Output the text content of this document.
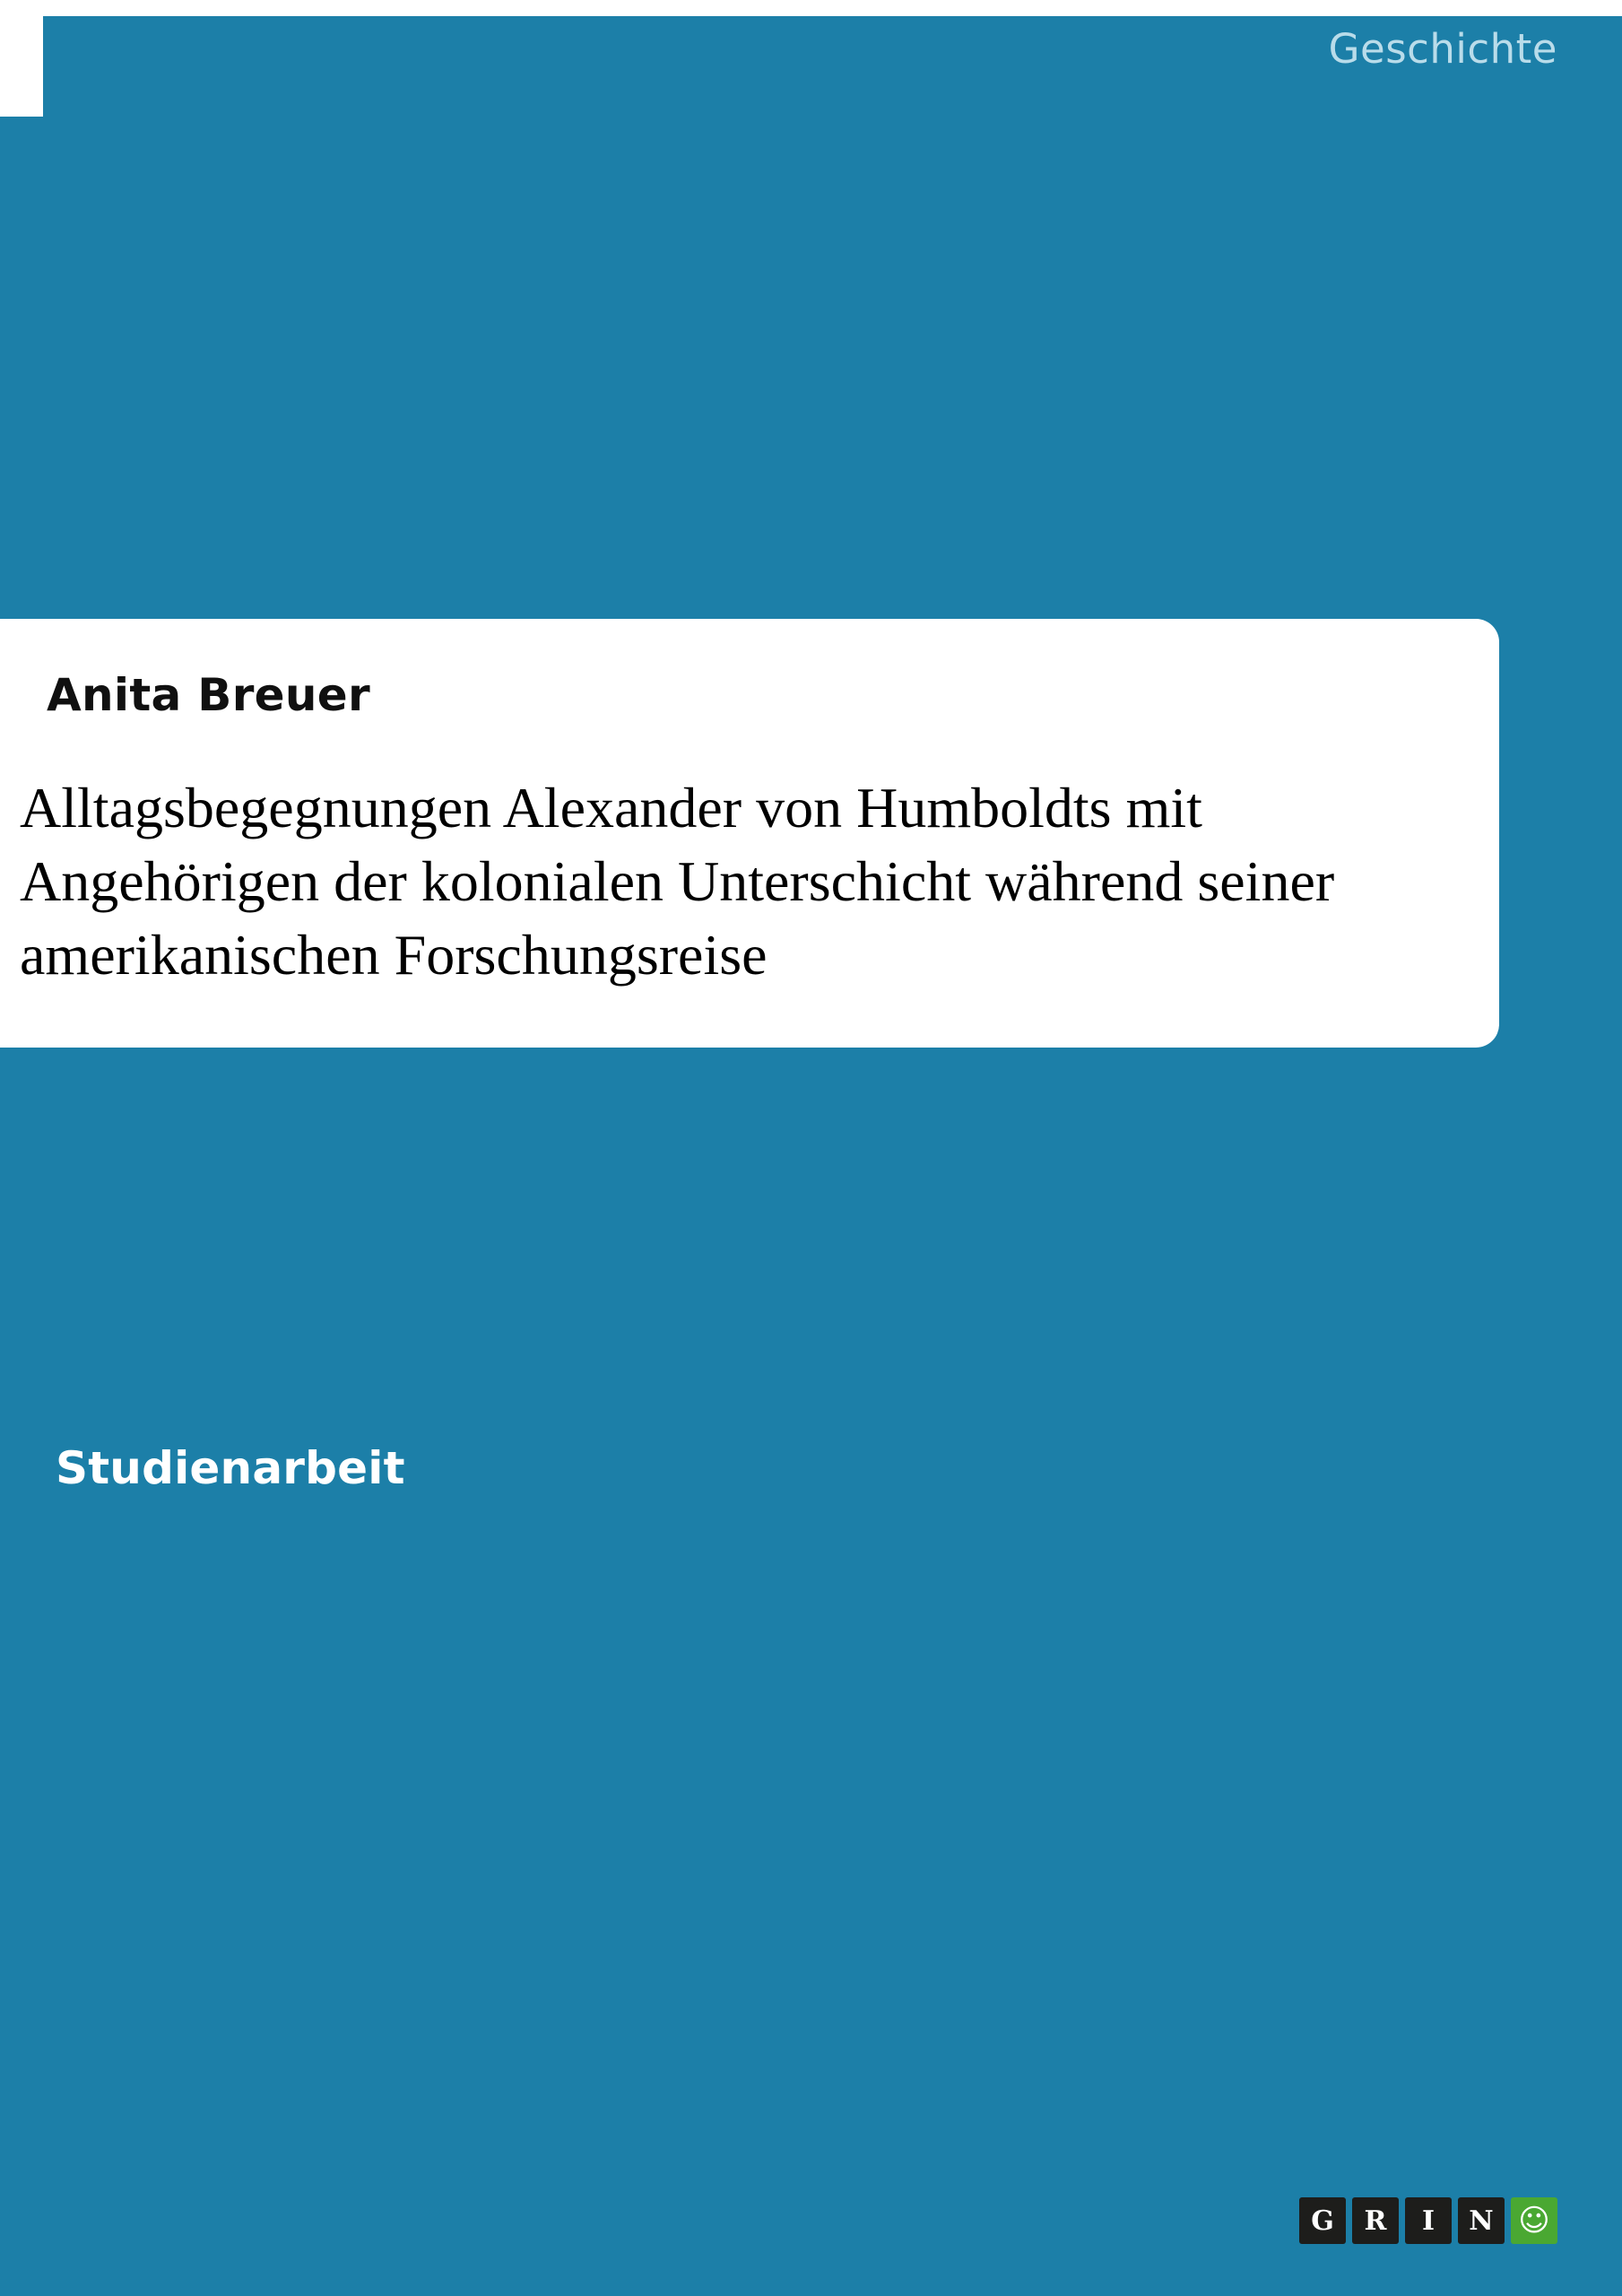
Geschichte
Anita Breuer
Alltagsbegegnungen Alexander von Humboldts mit Angehörigen der kolonialen Unterschicht während seiner amerikanischen Forschungsreise
Studienarbeit
G	R	I	N ☺
